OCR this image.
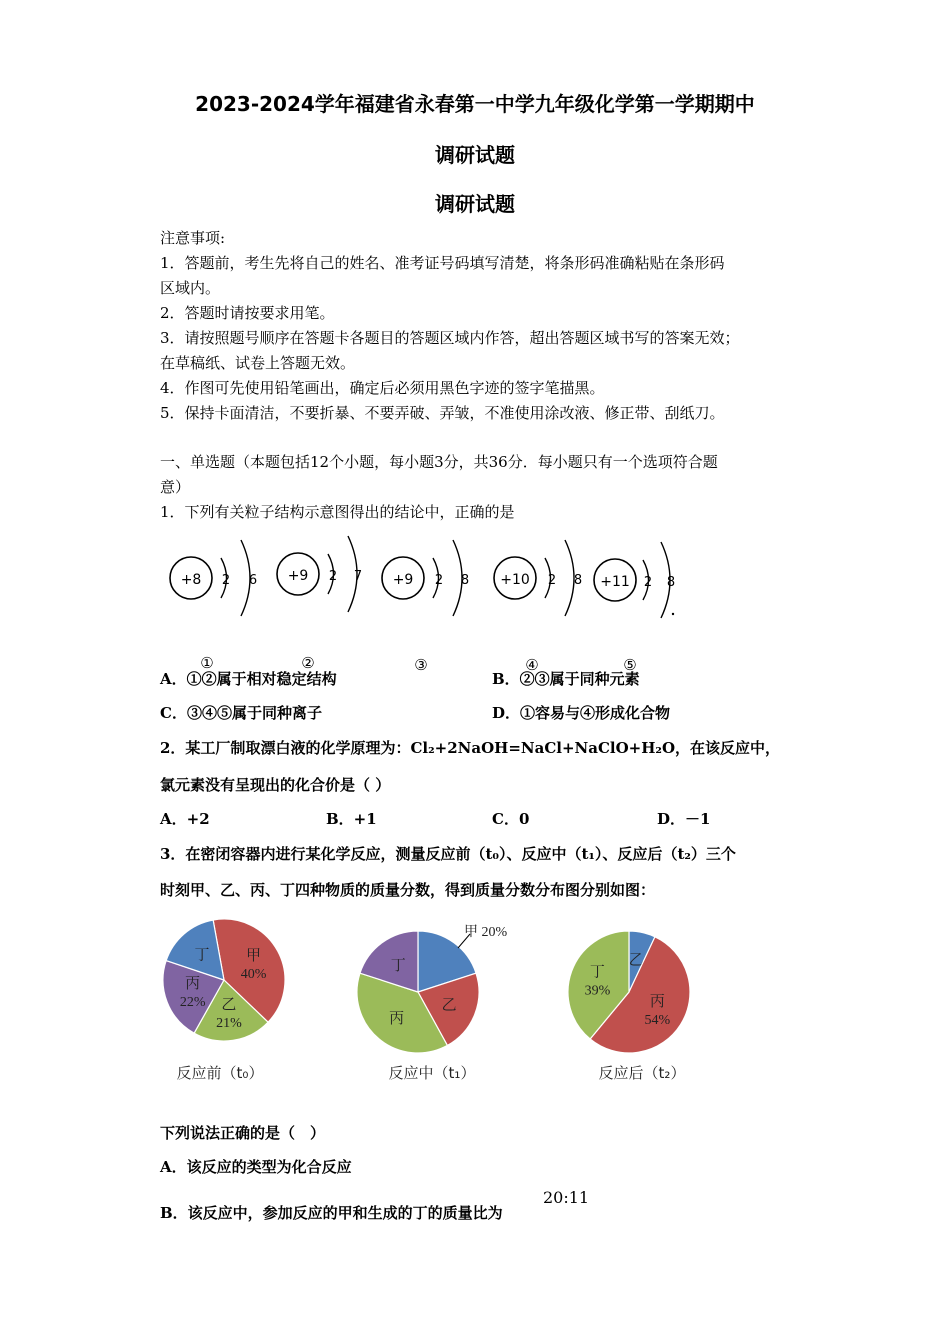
2023-2024学年福建省永春第一中学九年级化学第一学期期中
调研试题
调研试题
注意事项:
1．答题前，考生先将自己的姓名、准考证号码填写清楚，将条形码准确粘贴在条形码
区域内。
2．答题时请按要求用笔。
3．请按照题号顺序在答题卡各题目的答题区域内作答，超出答题区域书写的答案无效；
在草稿纸、试卷上答题无效。
4．作图可先使用铅笔画出，确定后必须用黑色字迹的签字笔描黑。
5．保持卡面清洁，不要折暴、不要弄破、弄皱，不准使用涂改液、修正带、刮纸刀。
一、单选题（本题包括12个小题，每小题3分，共36分．每小题只有一个选项符合题
意）
1．下列有关粒子结构示意图得出的结论中，正确的是
+8 2 6
①
+9 2 7
②
+9 2 8
③
+10 2 8
④
+11 2 8
⑤
A．①②属于相对稳定结构	B．②③属于同种元素
C．③④⑤属于同种离子	D．①容易与④形成化合物
2．某工厂制取漂白液的化学原理为：Cl₂+2NaOH=NaCl+NaClO+H₂O，在该反应中，
氯元素没有呈现出的化合价是（ ）
A．+2	B．+1	C．0	D．－1
3．在密闭容器内进行某化学反应，测量反应前（t₀）、反应中（t₁）、反应后（t₂）三个
时刻甲、乙、丙、丁四种物质的质量分数，得到质量分数分布图分别如图：
甲
40%
乙
21%
丙
22%
丁
反应前（t₀）
乙
丙
丁
甲 20%
反应中（t₁）
乙
丙
54%
丁
39%
反应后（t₂）
下列说法正确的是（　）
A．该反应的类型为化合反应
B．该反应中，参加反应的甲和生成的丁的质量比为
20:11
